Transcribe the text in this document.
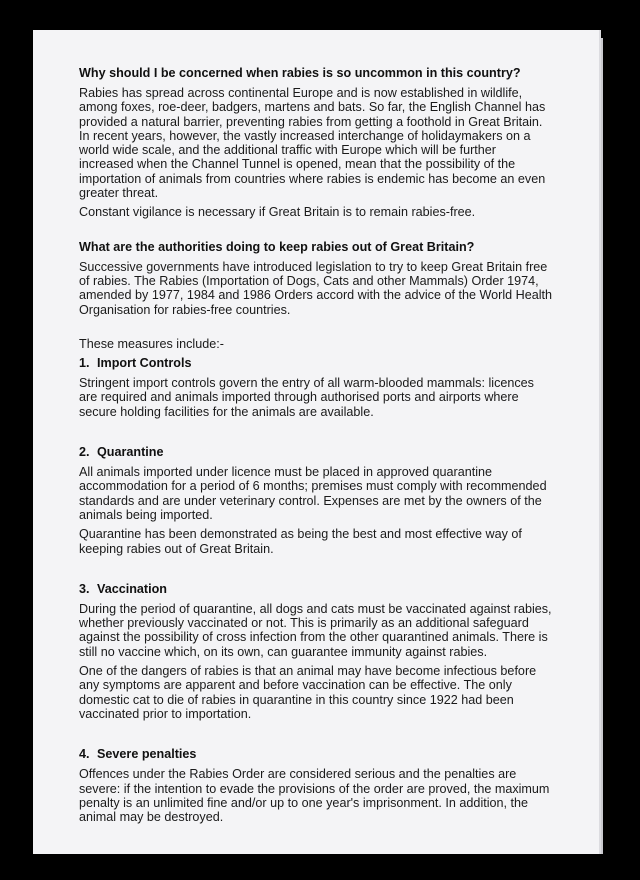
Why should I be concerned when rabies is so uncommon in this country?

Rabies has spread across continental Europe and is now established in wildlife, among foxes, roe-deer, badgers, martens and bats. So far, the English Channel has provided a natural barrier, preventing rabies from getting a foothold in Great Britain. In recent years, however, the vastly increased interchange of holidaymakers on a world wide scale, and the additional traffic with Europe which will be further increased when the Channel Tunnel is opened, mean that the possibility of the importation of animals from countries where rabies is endemic has become an even greater threat.

Constant vigilance is necessary if Great Britain is to remain rabies-free.

What are the authorities doing to keep rabies out of Great Britain?

Successive governments have introduced legislation to try to keep Great Britain free of rabies. The Rabies (Importation of Dogs, Cats and other Mammals) Order 1974, amended by 1977, 1984 and 1986 Orders accord with the advice of the World Health Organisation for rabies-free countries.

These measures include:-

1. Import Controls

Stringent import controls govern the entry of all warm-blooded mammals: licences are required and animals imported through authorised ports and airports where secure holding facilities for the animals are available.

2. Quarantine

All animals imported under licence must be placed in approved quarantine accommodation for a period of 6 months; premises must comply with recommended standards and are under veterinary control. Expenses are met by the owners of the animals being imported.

Quarantine has been demonstrated as being the best and most effective way of keeping rabies out of Great Britain.

3. Vaccination

During the period of quarantine, all dogs and cats must be vaccinated against rabies, whether previously vaccinated or not. This is primarily as an additional safeguard against the possibility of cross infection from the other quarantined animals. There is still no vaccine which, on its own, can guarantee immunity against rabies.

One of the dangers of rabies is that an animal may have become infectious before any symptoms are apparent and before vaccination can be effective. The only domestic cat to die of rabies in quarantine in this country since 1922 had been vaccinated prior to importation.

4. Severe penalties

Offences under the Rabies Order are considered serious and the penalties are severe: if the intention to evade the provisions of the order are proved, the maximum penalty is an unlimited fine and/or up to one year's imprisonment. In addition, the animal may be destroyed.
